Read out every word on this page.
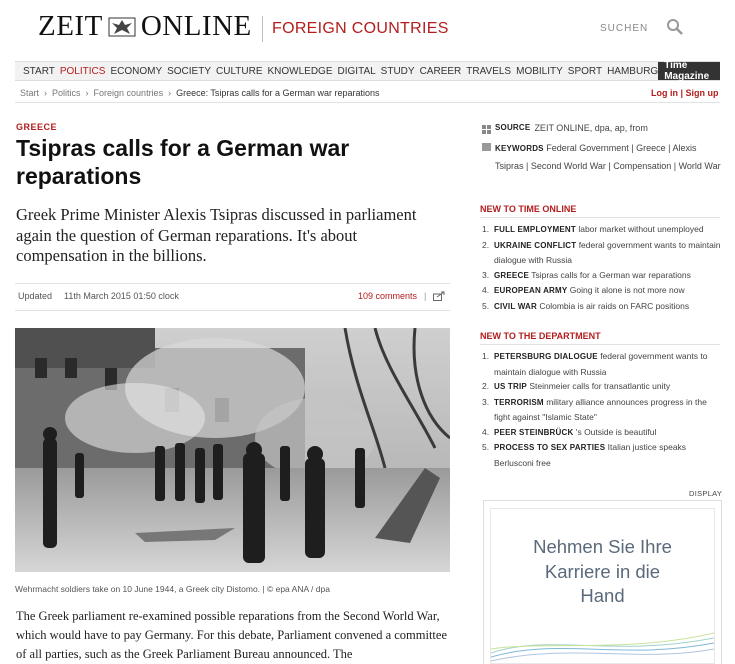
ZEIT ONLINE FOREIGN COUNTRIES	SUCHEN
START POLITICS ECONOMY SOCIETY CULTURE KNOWLEDGE DIGITAL STUDY CAREER TRAVELS MOBILITY SPORT HAMBURG Time Magazine
Start › Politics › Foreign countries › Greece: Tsipras calls for a German war reparations	Log in | Sign up
GREECE
Tsipras calls for a German war reparations

Greek Prime Minister Alexis Tsipras discussed in parliament again the question of German reparations. It's about compensation in the billions.

Updated 11th March 2015 01:50 clock	109 comments |
Wehrmacht soldiers take on 10 June 1944, a Greek city Distomo. | © epa ANA / dpa

The Greek parliament re-examined possible reparations from the Second World War, which would have to pay Germany. For this debate, Parliament convened a committee of all parties, such as the Greek Parliament Bureau announced. The

SOURCE ZEIT ONLINE, dpa, ap, from
KEYWORDS Federal Government | Greece | Alexis Tsipras | Second World War | Compensation | World War
NEW TO TIME ONLINE
1. FULL EMPLOYMENT labor market without unemployed
2. UKRAINE CONFLICT federal government wants to maintain dialogue with Russia
3. GREECE Tsipras calls for a German war reparations
4. EUROPEAN ARMY Going it alone is not more now
5. CIVIL WAR Colombia is air raids on FARC positions
NEW TO THE DEPARTMENT
1. PETERSBURG DIALOGUE federal government wants to maintain dialogue with Russia
2. US TRIP Steinmeier calls for transatlantic unity
3. TERRORISM military alliance announces progress in the fight against "Islamic State"
4. PEER STEINBRÜCK 's Outside is beautiful
5. PROCESS TO SEX PARTIES Italian justice speaks Berlusconi free
DISPLAY
Nehmen Sie Ihre Karriere in die Hand
